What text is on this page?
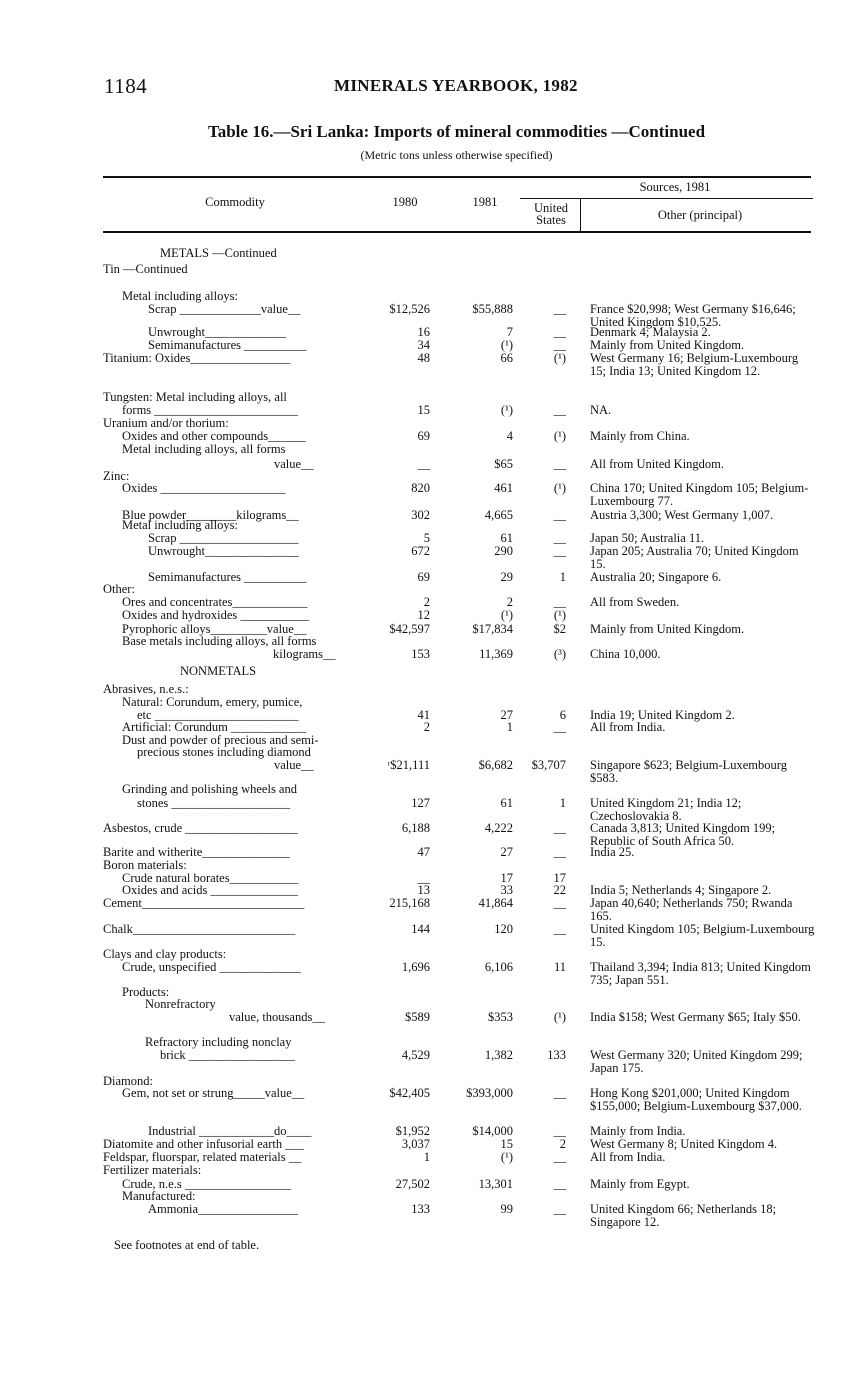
1184	MINERALS YEARBOOK, 1982
Table 16.—Sri Lanka: Imports of mineral commodities —Continued
(Metric tons unless otherwise specified)
Commodity	1980	1981
Sources, 1981
United States	Other (principal)
METALS —Continued
Tin —Continued
Metal including alloys:
Scrap _____________value__	$12,526	$55,888	__ France $20,998; West Germany $16,646; United Kingdom $10,525.
Unwrought_____________	16	7	__ Denmark 4; Malaysia 2.
Semimanufactures __________	34	(¹)	__ Mainly from United Kingdom.
Titanium: Oxides________________	48	66	(¹) West Germany 16; Belgium-Luxembourg 15; India 13; United Kingdom 12.
Tungsten: Metal including alloys, all
forms _______________________	15	(¹)	__ NA.
Uranium and/or thorium:
Oxides and other compounds______	69	4	(¹) Mainly from China.
Metal including alloys, all forms
value__	__	$65	__ All from United Kingdom.
Zinc:
Oxides ____________________	820	461	(¹) China 170; United Kingdom 105; Belgium-Luxembourg 77.
Blue powder________kilograms__	302	4,665	__ Austria 3,300; West Germany 1,007.
Metal including alloys:
Scrap ___________________	5	61	__ Japan 50; Australia 11.
Unwrought_______________	672	290	__ Japan 205; Australia 70; United Kingdom 15.
Semimanufactures __________	69	29	1 Australia 20; Singapore 6.
Other:
Ores and concentrates____________	2	2	__ All from Sweden.
Oxides and hydroxides ___________	12	(¹)	(¹)
Pyrophoric alloys_________value__	$42,597	$17,834	$2 Mainly from United Kingdom.
Base metals including alloys, all forms
kilograms__	153	11,369	(³) China 10,000.
NONMETALS
Abrasives, n.e.s.:
Natural: Corundum, emery, pumice,
etc _______________________	41	27	6 India 19; United Kingdom 2.
Artificial: Corundum ____________	2	1	__ All from India.
Dust and powder of precious and semi-
precious stones including diamond
value__	ʳ$21,111	$6,682	$3,707 Singapore $623; Belgium-Luxembourg $583.
Grinding and polishing wheels and
stones ___________________	127	61	1 United Kingdom 21; India 12; Czechoslovakia 8.
Asbestos, crude __________________	6,188	4,222	__ Canada 3,813; United Kingdom 199; Republic of South Africa 50.
Barite and witherite______________	47	27	__ India 25.
Boron materials:
Crude natural borates___________	__	17	17
Oxides and acids ______________	13	33	22 India 5; Netherlands 4; Singapore 2.
Cement__________________________	215,168	41,864	__ Japan 40,640; Netherlands 750; Rwanda 165.
Chalk__________________________	144	120	__ United Kingdom 105; Belgium-Luxembourg 15.
Clays and clay products:
Crude, unspecified _____________	1,696	6,106	11 Thailand 3,394; India 813; United Kingdom 735; Japan 551.
Products:
Nonrefractory
value, thousands__	$589	$353	(¹) India $158; West Germany $65; Italy $50.
Refractory including nonclay
brick _________________	4,529	1,382	133 West Germany 320; United Kingdom 299; Japan 175.
Diamond:
Gem, not set or strung_____value__	$42,405	$393,000	__ Hong Kong $201,000; United Kingdom $155,000; Belgium-Luxembourg $37,000.
Industrial ____________do____	$1,952	$14,000	__ Mainly from India.
Diatomite and other infusorial earth ___	3,037	15	2 West Germany 8; United Kingdom 4.
Feldspar, fluorspar, related materials __	1	(¹)	__ All from India.
Fertilizer materials:
Crude, n.e.s _________________	27,502	13,301	__ Mainly from Egypt.
Manufactured:
Ammonia________________	133	99	__ United Kingdom 66; Netherlands 18; Singapore 12.
See footnotes at end of table.
